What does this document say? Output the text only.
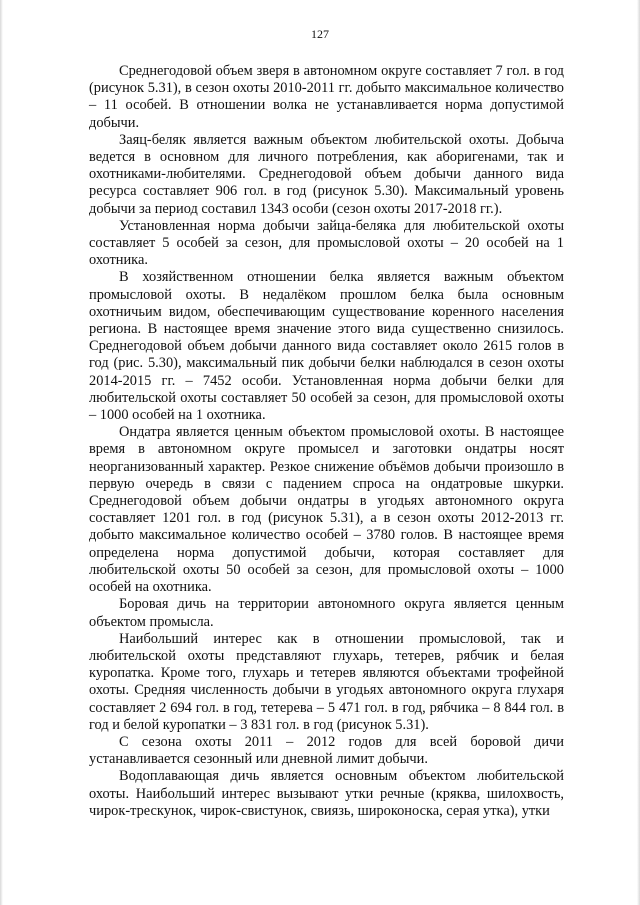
127

Среднегодовой объем зверя в автономном округе составляет 7 гол. в год (рисунок 5.31), в сезон охоты 2010-2011 гг. добыто максимальное количество – 11 особей. В отношении волка не устанавливается норма допустимой добычи.

Заяц-беляк является важным объектом любительской охоты. Добыча ведется в основном для личного потребления, как аборигенами, так и охотниками-любителями. Среднегодовой объем добычи данного вида ресурса составляет 906 гол. в год (рисунок 5.30). Максимальный уровень добычи за период составил 1343 особи (сезон охоты 2017-2018 гг.).

Установленная норма добычи зайца-беляка для любительской охоты составляет 5 особей за сезон, для промысловой охоты – 20 особей на 1 охотника.

В хозяйственном отношении белка является важным объектом промысловой охоты. В недалёком прошлом белка была основным охотничьим видом, обеспечивающим существование коренного населения региона. В настоящее время значение этого вида существенно снизилось. Среднегодовой объем добычи данного вида составляет около 2615 голов в год (рис. 5.30), максимальный пик добычи белки наблюдался в сезон охоты 2014-2015 гг. – 7452 особи. Установленная норма добычи белки для любительской охоты составляет 50 особей за сезон, для промысловой охоты – 1000 особей на 1 охотника.

Ондатра является ценным объектом промысловой охоты. В настоящее время в автономном округе промысел и заготовки ондатры носят неорганизованный характер. Резкое снижение объёмов добычи произошло в первую очередь в связи с падением спроса на ондатровые шкурки. Среднегодовой объем добычи ондатры в угодьях автономного округа составляет 1201 гол. в год (рисунок 5.31), а в сезон охоты 2012-2013 гг. добыто максимальное количество особей – 3780 голов. В настоящее время определена норма допустимой добычи, которая составляет для любительской охоты 50 особей за сезон, для промысловой охоты – 1000 особей на охотника.

Боровая дичь на территории автономного округа является ценным объектом промысла.

Наибольший интерес как в отношении промысловой, так и любительской охоты представляют глухарь, тетерев, рябчик и белая куропатка. Кроме того, глухарь и тетерев являются объектами трофейной охоты. Средняя численность добычи в угодьях автономного округа глухаря составляет 2 694 гол. в год, тетерева – 5 471 гол. в год, рябчика – 8 844 гол. в год и белой куропатки – 3 831 гол. в год (рисунок 5.31).

С сезона охоты 2011 – 2012 годов для всей боровой дичи устанавливается сезонный или дневной лимит добычи.

Водоплавающая дичь является основным объектом любительской охоты. Наибольший интерес вызывают утки речные (кряква, шилохвость, чирок-трескунок, чирок-свистунок, свиязь, широконоска, серая утка), утки
